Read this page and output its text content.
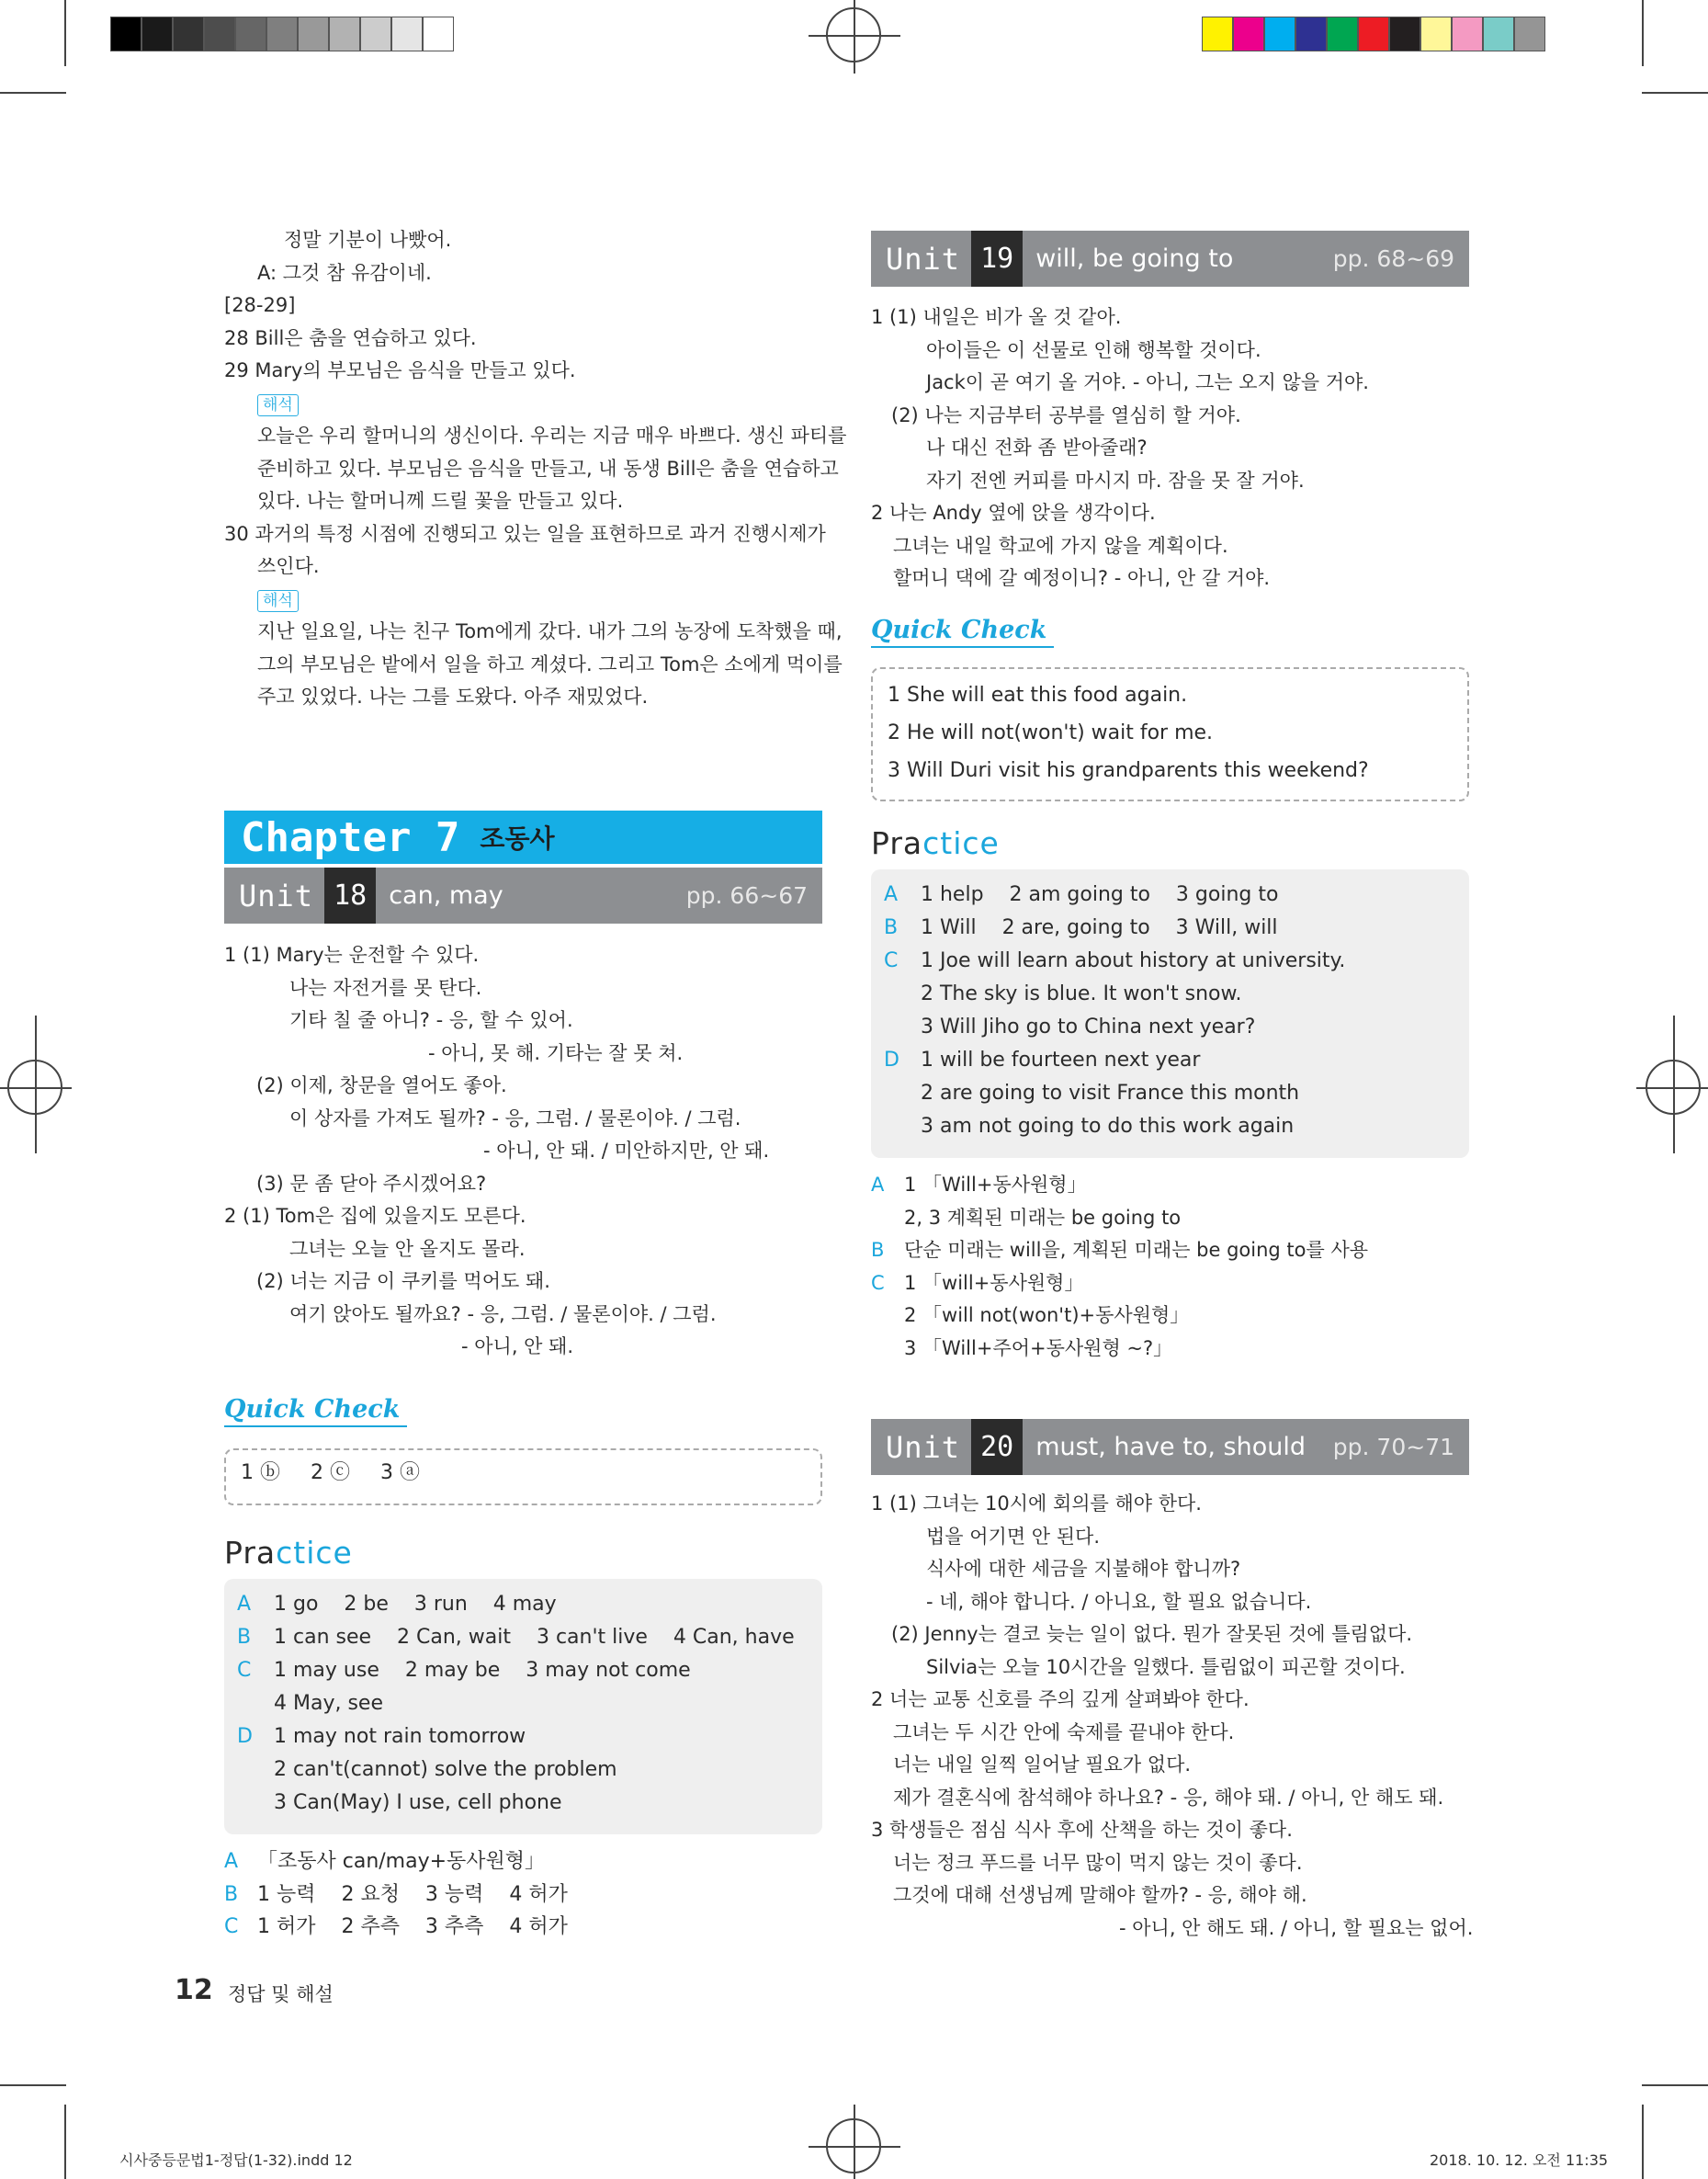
정말 기분이 나빴어.
A: 그것 참 유감이네.
[28-29]
28 Bill은 춤을 연습하고 있다.
29 Mary의 부모님은 음식을 만들고 있다.
해석
오늘은 우리 할머니의 생신이다. 우리는 지금 매우 바쁘다. 생신 파티를
준비하고 있다. 부모님은 음식을 만들고, 내 동생 Bill은 춤을 연습하고
있다. 나는 할머니께 드릴 꽃을 만들고 있다.
30 과거의 특정 시점에 진행되고 있는 일을 표현하므로 과거 진행시제가
쓰인다.
해석
지난 일요일, 나는 친구 Tom에게 갔다. 내가 그의 농장에 도착했을 때,
그의 부모님은 밭에서 일을 하고 계셨다. 그리고 Tom은 소에게 먹이를
주고 있었다. 나는 그를 도왔다. 아주 재밌었다.
Chapter 7 조동사
Unit 18 can, may	pp. 66~67
1 (1) Mary는 운전할 수 있다.
나는 자전거를 못 탄다.
기타 칠 줄 아니? - 응, 할 수 있어.
- 아니, 못 해. 기타는 잘 못 쳐.
(2) 이제, 창문을 열어도 좋아.
이 상자를 가져도 될까? - 응, 그럼. / 물론이야. / 그럼.
- 아니, 안 돼. / 미안하지만, 안 돼.
(3) 문 좀 닫아 주시겠어요?
2 (1) Tom은 집에 있을지도 모른다.
그녀는 오늘 안 올지도 몰라.
(2) 너는 지금 이 쿠키를 먹어도 돼.
여기 앉아도 될까요? - 응, 그럼. / 물론이야. / 그럼.
- 아니, 안 돼.
Quick Check
1 ⓑ 2 ⓒ 3 ⓐ
Practice
A 1 go    2 be    3 run    4 may
B 1 can see    2 Can, wait    3 can't live    4 Can, have
C 1 may use    2 may be    3 may not come
4 May, see
D 1 may not rain tomorrow
2 can't(cannot) solve the problem
3 Can(May) I use, cell phone
A 「조동사 can/may+동사원형」
B 1 능력    2 요청    3 능력    4 허가
C 1 허가    2 추측    3 추측    4 허가
12 정답 및 해설
Unit 19 will, be going to	pp. 68~69
1 (1) 내일은 비가 올 것 같아.
아이들은 이 선물로 인해 행복할 것이다.
Jack이 곧 여기 올 거야. - 아니, 그는 오지 않을 거야.
(2) 나는 지금부터 공부를 열심히 할 거야.
나 대신 전화 좀 받아줄래?
자기 전엔 커피를 마시지 마. 잠을 못 잘 거야.
2 나는 Andy 옆에 앉을 생각이다.
그녀는 내일 학교에 가지 않을 계획이다.
할머니 댁에 갈 예정이니? - 아니, 안 갈 거야.
Quick Check
1 She will eat this food again.
2 He will not(won't) wait for me.
3 Will Duri visit his grandparents this weekend?
Practice
A 1 help    2 am going to    3 going to
B 1 Will    2 are, going to    3 Will, will
C 1 Joe will learn about history at university.
2 The sky is blue. It won't snow.
3 Will Jiho go to China next year?
D 1 will be fourteen next year
2 are going to visit France this month
3 am not going to do this work again
A 1 「Will+동사원형」
2, 3 계획된 미래는 be going to
B 단순 미래는 will을, 계획된 미래는 be going to를 사용
C 1 「will+동사원형」
2 「will not(won't)+동사원형」
3 「Will+주어+동사원형 ~?」
Unit 20 must, have to, should pp. 70~71
1 (1) 그녀는 10시에 회의를 해야 한다.
법을 어기면 안 된다.
식사에 대한 세금을 지불해야 합니까?
- 네, 해야 합니다. / 아니요, 할 필요 없습니다.
(2) Jenny는 결코 늦는 일이 없다. 뭔가 잘못된 것에 틀림없다.
Silvia는 오늘 10시간을 일했다. 틀림없이 피곤할 것이다.
2 너는 교통 신호를 주의 깊게 살펴봐야 한다.
그녀는 두 시간 안에 숙제를 끝내야 한다.
너는 내일 일찍 일어날 필요가 없다.
제가 결혼식에 참석해야 하나요? - 응, 해야 돼. / 아니, 안 해도 돼.
3 학생들은 점심 식사 후에 산책을 하는 것이 좋다.
너는 정크 푸드를 너무 많이 먹지 않는 것이 좋다.
그것에 대해 선생님께 말해야 할까? - 응, 해야 해.
- 아니, 안 해도 돼. / 아니, 할 필요는 없어.
시사중등문법1-정답(1-32).indd 12	2018. 10. 12. 오전 11:35
